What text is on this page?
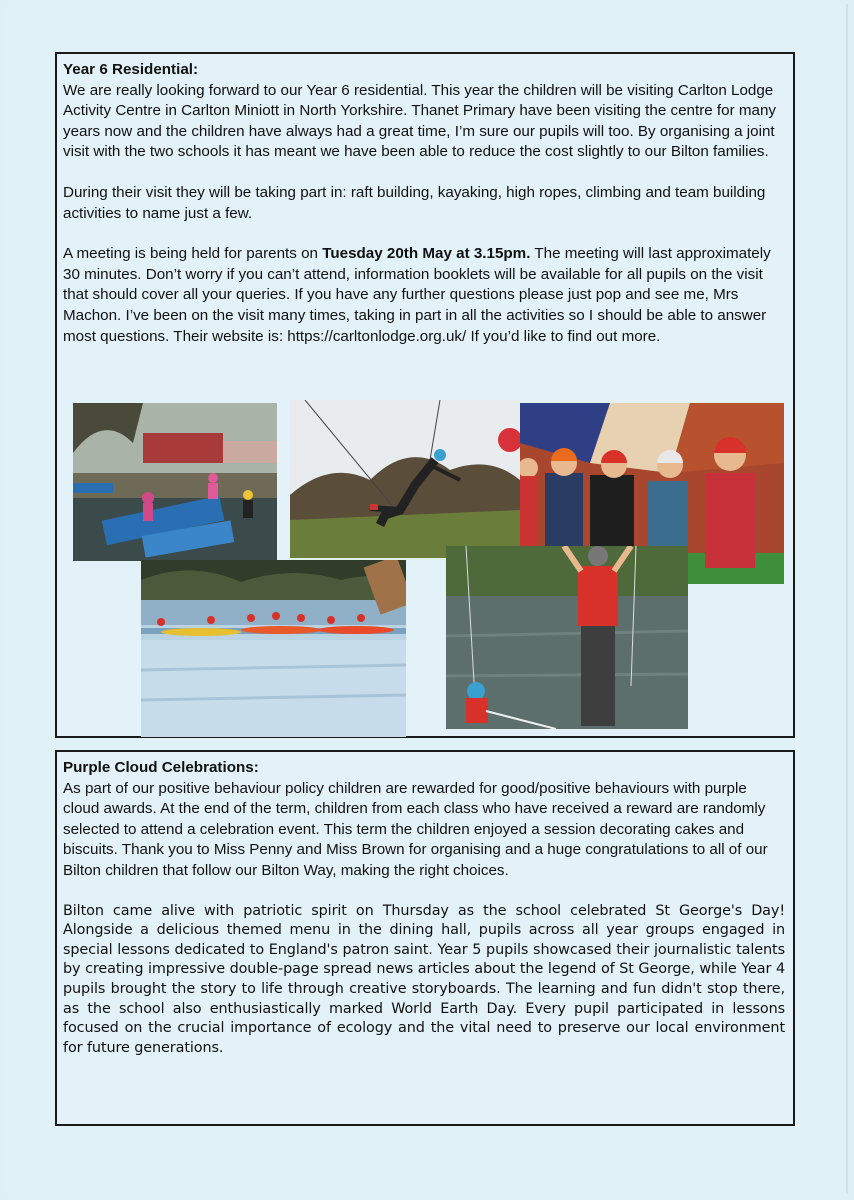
Year 6 Residential:

We are really looking forward to our Year 6 residential. This year the children will be visiting Carlton Lodge Activity Centre in Carlton Miniott in North Yorkshire. Thanet Primary have been visiting the centre for many years now and the children have always had a great time, I’m sure our pupils will too. By organising a joint visit with the two schools it has meant we have been able to reduce the cost slightly to our Bilton families.

During their visit they will be taking part in: raft building, kayaking, high ropes, climbing and team building activities to name just a few.

A meeting is being held for parents on Tuesday 20th May at 3.15pm. The meeting will last approximately 30 minutes. Don’t worry if you can’t attend, information booklets will be available for all pupils on the visit that should cover all your queries. If you have any further questions please just pop and see me, Mrs Machon. I’ve been on the visit many times, taking in part in all the activities so I should be able to answer most questions. Their website is: https://carltonlodge.org.uk/ If you’d like to find out more.

Purple Cloud Celebrations:

As part of our positive behaviour policy children are rewarded for good/positive behaviours with purple cloud awards. At the end of the term, children from each class who have received a reward are randomly selected to attend a celebration event. This term the children enjoyed a session decorating cakes and biscuits. Thank you to Miss Penny and Miss Brown for organising and a huge congratulations to all of our Bilton children that follow our Bilton Way, making the right choices.

Bilton came alive with patriotic spirit on Thursday as the school celebrated St George's Day! Alongside a delicious themed menu in the dining hall, pupils across all year groups engaged in special lessons dedicated to England's patron saint. Year 5 pupils showcased their journalistic talents by creating impressive double-page spread news articles about the legend of St George, while Year 4 pupils brought the story to life through creative storyboards. The learning and fun didn't stop there, as the school also enthusiastically marked World Earth Day. Every pupil participated in lessons focused on the crucial importance of ecology and the vital need to preserve our local environment for future generations.
